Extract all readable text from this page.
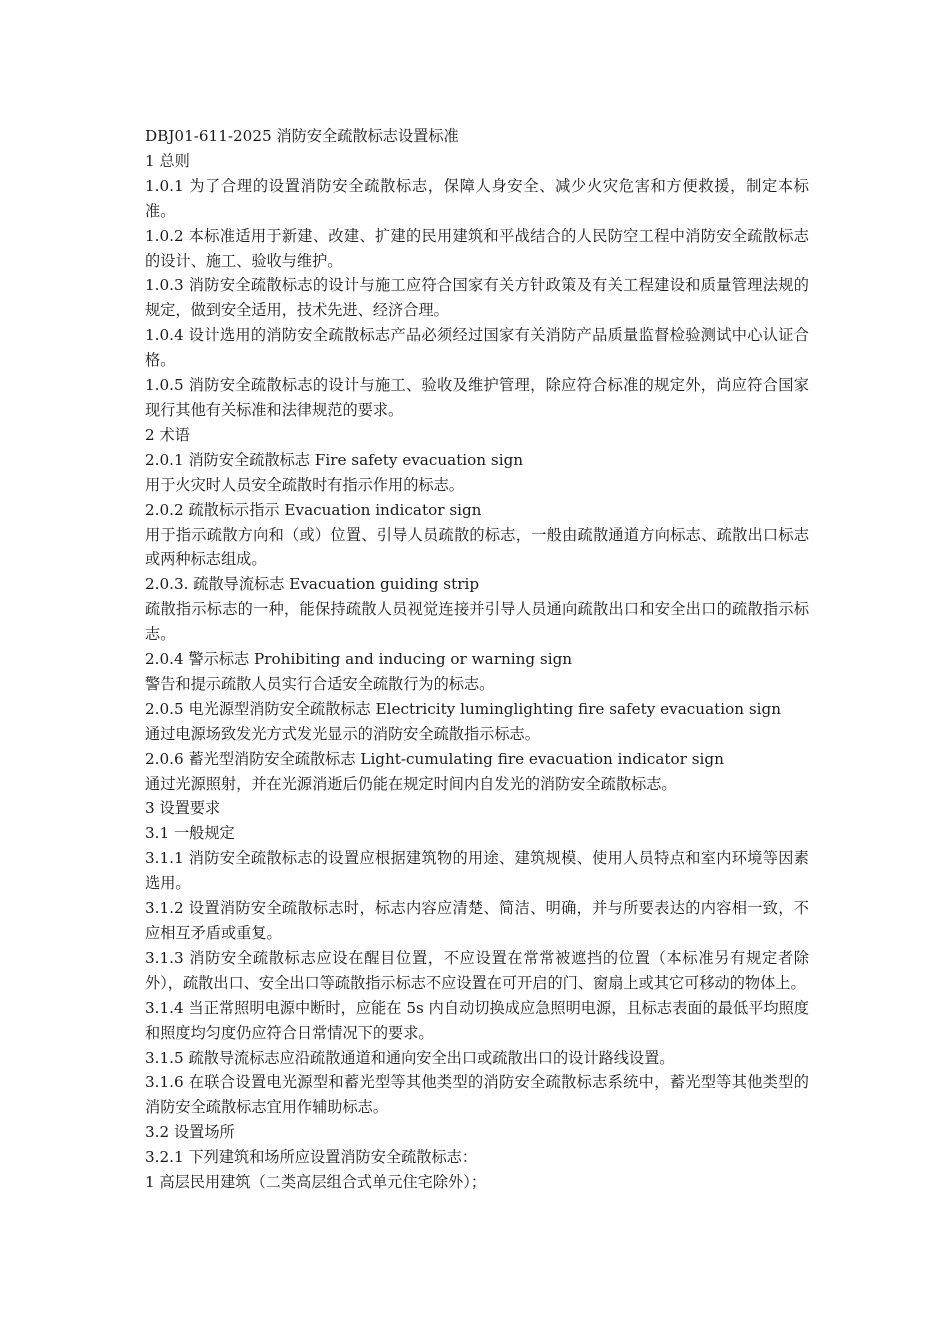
DBJ01-611-2025 消防安全疏散标志设置标准

1 总则

1.0.1 为了合理的设置消防安全疏散标志，保障人身安全、减少火灾危害和方便救援，制定本标准。

1.0.2 本标准适用于新建、改建、扩建的民用建筑和平战结合的人民防空工程中消防安全疏散标志的设计、施工、验收与维护。

1.0.3 消防安全疏散标志的设计与施工应符合国家有关方针政策及有关工程建设和质量管理法规的规定，做到安全适用，技术先进、经济合理。

1.0.4 设计选用的消防安全疏散标志产品必须经过国家有关消防产品质量监督检验测试中心认证合格。

1.0.5 消防安全疏散标志的设计与施工、验收及维护管理，除应符合标准的规定外，尚应符合国家现行其他有关标准和法律规范的要求。

2 术语

2.0.1 消防安全疏散标志 Fire safety evacuation sign

用于火灾时人员安全疏散时有指示作用的标志。

2.0.2 疏散标示指示 Evacuation indicator sign

用于指示疏散方向和（或）位置、引导人员疏散的标志，一般由疏散通道方向标志、疏散出口标志或两种标志组成。

2.0.3. 疏散导流标志 Evacuation guiding strip

疏散指示标志的一种，能保持疏散人员视觉连接并引导人员通向疏散出口和安全出口的疏散指示标志。

2.0.4 警示标志 Prohibiting and inducing or warning sign

警告和提示疏散人员实行合适安全疏散行为的标志。

2.0.5 电光源型消防安全疏散标志 Electricity luminglighting fire safety evacuation sign

通过电源场致发光方式发光显示的消防安全疏散指示标志。

2.0.6 蓄光型消防安全疏散标志 Light-cumulating fire evacuation indicator sign

通过光源照射，并在光源消逝后仍能在规定时间内自发光的消防安全疏散标志。

3 设置要求

3.1 一般规定

3.1.1 消防安全疏散标志的设置应根据建筑物的用途、建筑规模、使用人员特点和室内环境等因素选用。

3.1.2 设置消防安全疏散标志时，标志内容应清楚、简洁、明确，并与所要表达的内容相一致，不应相互矛盾或重复。

3.1.3 消防安全疏散标志应设在醒目位置，不应设置在常常被遮挡的位置（本标准另有规定者除外），疏散出口、安全出口等疏散指示标志不应设置在可开启的门、窗扇上或其它可移动的物体上。

3.1.4 当正常照明电源中断时，应能在 5s 内自动切换成应急照明电源，且标志表面的最低平均照度和照度均匀度仍应符合日常情况下的要求。

3.1.5 疏散导流标志应沿疏散通道和通向安全出口或疏散出口的设计路线设置。

3.1.6 在联合设置电光源型和蓄光型等其他类型的消防安全疏散标志系统中，蓄光型等其他类型的消防安全疏散标志宜用作辅助标志。

3.2 设置场所

3.2.1 下列建筑和场所应设置消防安全疏散标志：

1 高层民用建筑（二类高层组合式单元住宅除外）；
